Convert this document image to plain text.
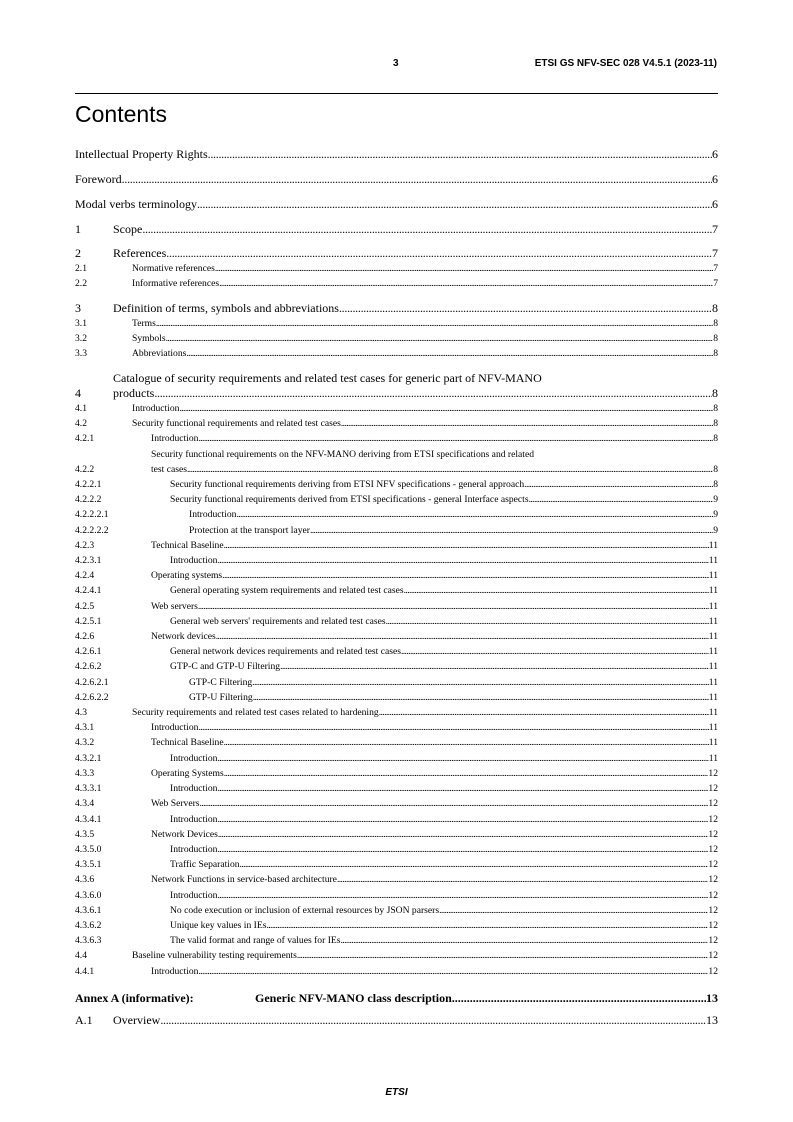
3	ETSI GS NFV-SEC 028 V4.5.1 (2023-11)
Contents
Intellectual Property Rights .....	6
Foreword .....	6
Modal verbs terminology .....	6
1	Scope .....	7
2	References .....	7
2.1	Normative references .....	7
2.2	Informative references .....	7
3	Definition of terms, symbols and abbreviations .....	8
3.1	Terms .....	8
3.2	Symbols .....	8
3.3	Abbreviations .....	8
4
Catalogue of security requirements and related test cases for generic part of NFV-MANO
products .....	8
4.1	Introduction .....	8
4.2	Security functional requirements and related test cases .....	8
4.2.1	Introduction .....	8
4.2.2
Security functional requirements on the NFV-MANO deriving from ETSI specifications and related
test cases .....	8
4.2.2.1	Security functional requirements deriving from ETSI NFV specifications - general approach .....	8
4.2.2.2	Security functional requirements derived from ETSI specifications - general Interface aspects .....	9
4.2.2.2.1	Introduction .....	9
4.2.2.2.2	Protection at the transport layer .....	9
4.2.3	Technical Baseline .....	11
4.2.3.1	Introduction .....	11
4.2.4	Operating systems .....	11
4.2.4.1	General operating system requirements and related test cases .....	11
4.2.5	Web servers .....	11
4.2.5.1	General web servers' requirements and related test cases .....	11
4.2.6	Network devices .....	11
4.2.6.1	General network devices requirements and related test cases .....	11
4.2.6.2	GTP-C and GTP-U Filtering .....	11
4.2.6.2.1	GTP-C Filtering .....	11
4.2.6.2.2	GTP-U Filtering .....	11
4.3	Security requirements and related test cases related to hardening .....	11
4.3.1	Introduction .....	11
4.3.2	Technical Baseline .....	11
4.3.2.1	Introduction .....	11
4.3.3	Operating Systems .....	12
4.3.3.1	Introduction .....	12
4.3.4	Web Servers .....	12
4.3.4.1	Introduction .....	12
4.3.5	Network Devices .....	12
4.3.5.0	Introduction .....	12
4.3.5.1	Traffic Separation .....	12
4.3.6	Network Functions in service-based architecture .....	12
4.3.6.0	Introduction .....	12
4.3.6.1	No code execution or inclusion of external resources by JSON parsers .....	12
4.3.6.2	Unique key values in IEs .....	12
4.3.6.3	The valid format and range of values for IEs .....	12
4.4	Baseline vulnerability testing requirements .....	12
4.4.1	Introduction .....	12
Annex A (informative):	Generic NFV-MANO class description .....	13
A.1 Overview .....	13
ETSI
